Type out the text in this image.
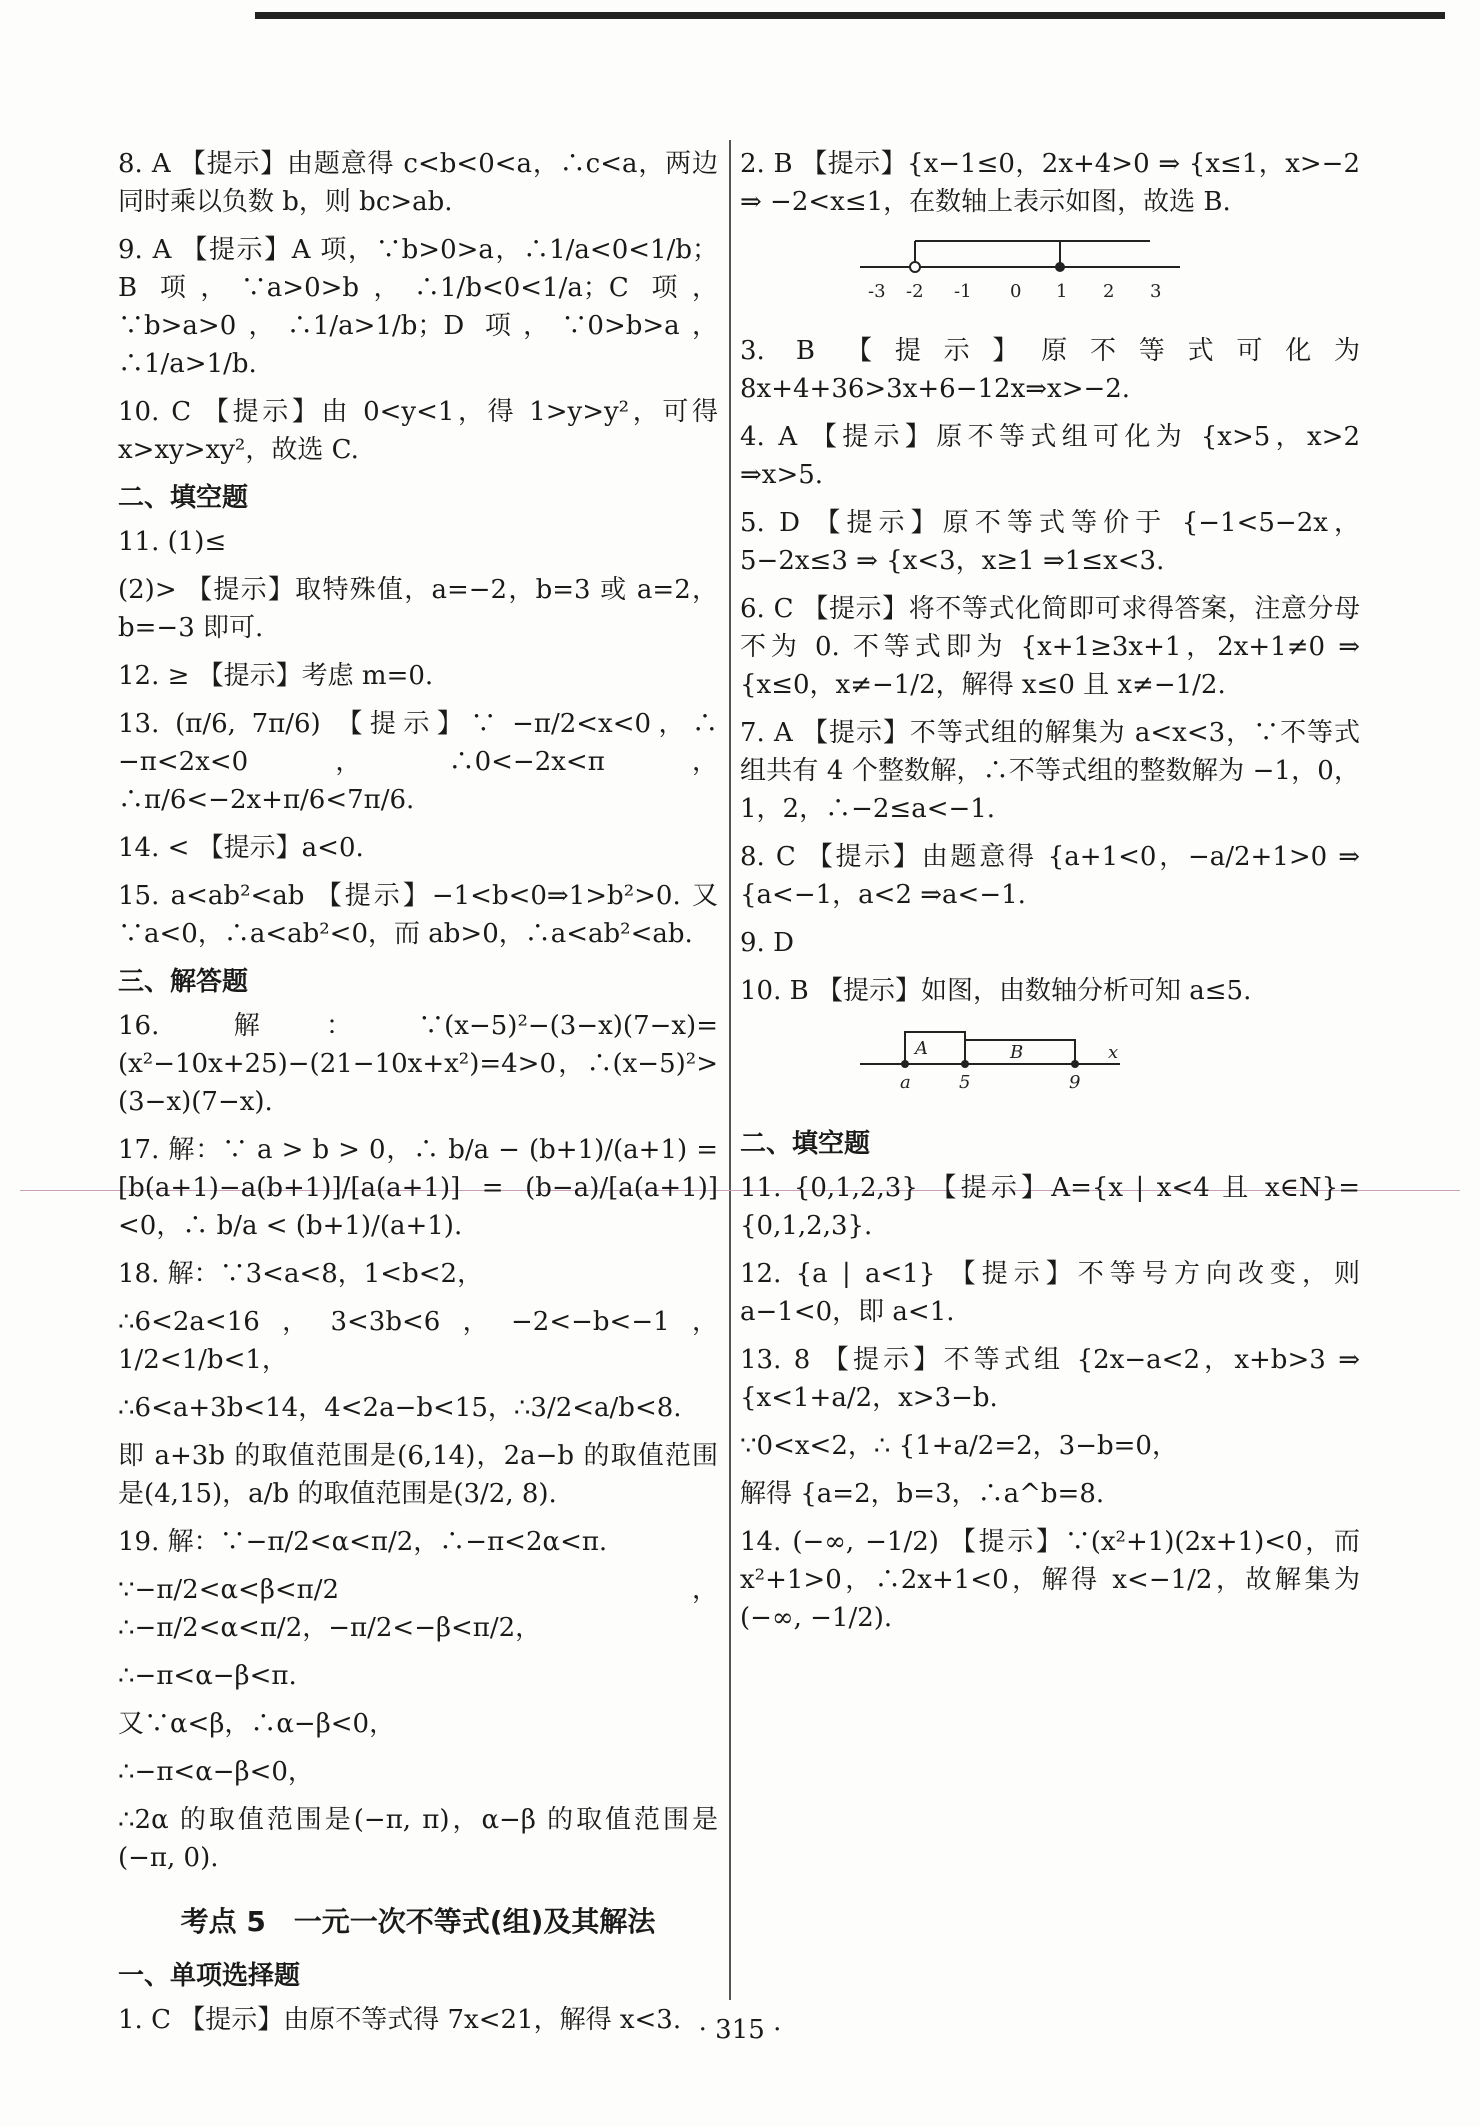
8. A 【提示】由题意得 c<b<0<a，∴c<a，两边同时乘以负数 b，则 bc>ab.
9. A 【提示】A 项，∵b>0>a，∴1/a<0<1/b；B 项，∵a>0>b，∴1/b<0<1/a；C 项，∵b>a>0，∴1/a>1/b；D 项，∵0>b>a，∴1/a>1/b.
10. C 【提示】由 0<y<1，得 1>y>y²，可得 x>xy>xy²，故选 C.
二、填空题
11. (1)≤
(2)> 【提示】取特殊值，a=−2，b=3 或 a=2，b=−3 即可.
12. ≥ 【提示】考虑 m=0.
13. (π/6, 7π/6) 【提示】∵ −π/2<x<0，∴ −π<2x<0，∴0<−2x<π，∴π/6<−2x+π/6<7π/6.
14. < 【提示】a<0.
15. a<ab²<ab 【提示】−1<b<0⇒1>b²>0. 又∵a<0，∴a<ab²<0，而 ab>0，∴a<ab²<ab.
三、解答题
16. 解：∵(x−5)²−(3−x)(7−x)=(x²−10x+25)−(21−10x+x²)=4>0，∴(x−5)²>(3−x)(7−x).
17. 解：∵ a > b > 0，∴ b/a − (b+1)/(a+1) = [b(a+1)−a(b+1)]/[a(a+1)] = (b−a)/[a(a+1)] <0，∴ b/a < (b+1)/(a+1).
18. 解：∵3<a<8，1<b<2，
∴6<2a<16，3<3b<6，−2<−b<−1，1/2<1/b<1，
∴6<a+3b<14，4<2a−b<15，∴3/2<a/b<8.
即 a+3b 的取值范围是(6,14)，2a−b 的取值范围是(4,15)，a/b 的取值范围是(3/2, 8).
19. 解：∵−π/2<α<π/2，∴−π<2α<π.
∵−π/2<α<β<π/2，∴−π/2<α<π/2，−π/2<−β<π/2，
∴−π<α−β<π.
又∵α<β，∴α−β<0，
∴−π<α−β<0，
∴2α 的取值范围是(−π, π)，α−β 的取值范围是(−π, 0).
考点 5　一元一次不等式(组)及其解法
一、单项选择题
1. C 【提示】由原不等式得 7x<21，解得 x<3.
2. B 【提示】{x−1≤0，2x+4>0 ⇒ {x≤1，x>−2 ⇒ −2<x≤1，在数轴上表示如图，故选 B.
-3 -2 -1 0 1 2 3
3. B 【提示】原不等式可化为 8x+4+36>3x+6−12x⇒x>−2.
4. A 【提示】原不等式组可化为 {x>5，x>2 ⇒x>5.
5. D 【提示】原不等式等价于 {−1<5−2x，5−2x≤3 ⇒ {x<3，x≥1 ⇒1≤x<3.
6. C 【提示】将不等式化简即可求得答案，注意分母不为 0. 不等式即为 {x+1≥3x+1，2x+1≠0 ⇒ {x≤0，x≠−1/2，解得 x≤0 且 x≠−1/2.
7. A 【提示】不等式组的解集为 a<x<3，∵不等式组共有 4 个整数解，∴不等式组的整数解为 −1，0，1，2，∴−2≤a<−1.
8. C 【提示】由题意得 {a+1<0，−a/2+1>0 ⇒ {a<−1，a<2 ⇒a<−1.
9. D
10. B 【提示】如图，由数轴分析可知 a≤5.
A	B
a	5	9
x
二、填空题
11. {0,1,2,3} 【提示】A={x | x<4 且 x∈N}={0,1,2,3}.
12. {a | a<1} 【提示】不等号方向改变，则 a−1<0，即 a<1.
13. 8 【提示】不等式组 {2x−a<2，x+b>3 ⇒ {x<1+a/2，x>3−b.
∵0<x<2，∴ {1+a/2=2，3−b=0，
解得 {a=2，b=3，∴a^b=8.
14. (−∞, −1/2) 【提示】∵(x²+1)(2x+1)<0，而 x²+1>0，∴2x+1<0，解得 x<−1/2，故解集为(−∞, −1/2).
· 315 ·
